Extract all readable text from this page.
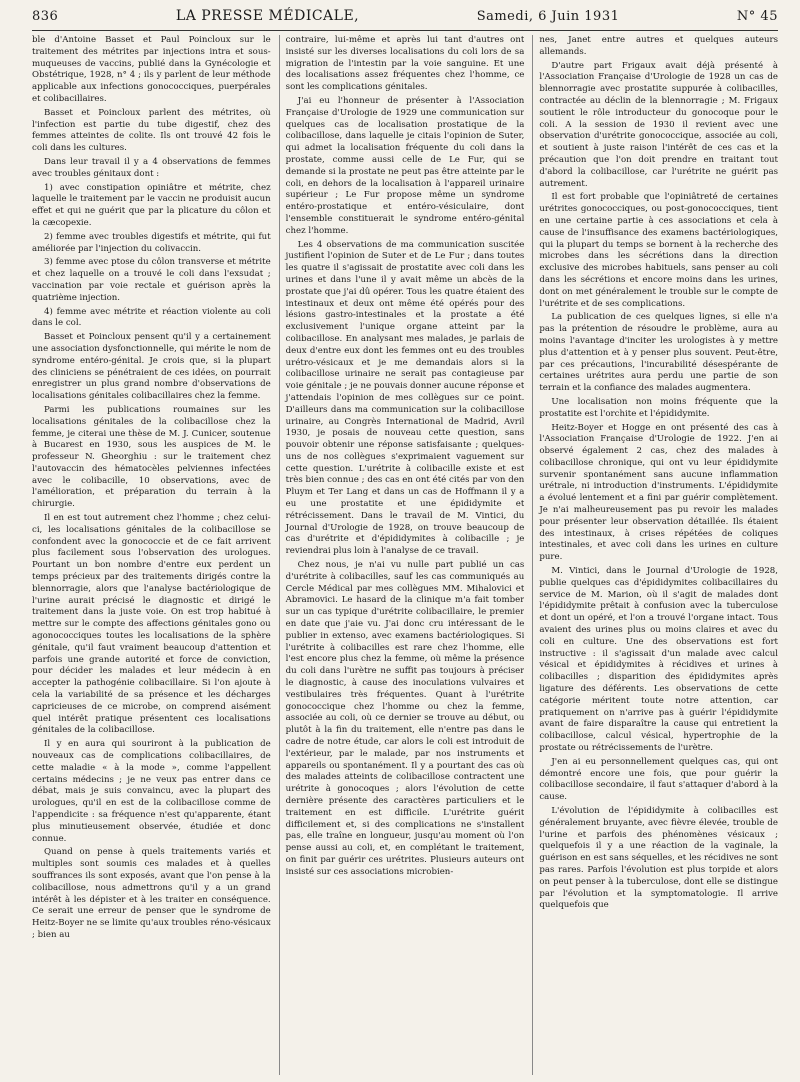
836	LA PRESSE MÉDICALE,	Samedi, 6 Juin 1931	N° 45

ble d'Antoine Basset et Paul Poincloux sur le traitement des métrites par injections intra et sous-muqueuses de vaccins, publié dans la Gynécologie et Obstétrique, 1928, n° 4 ; ils y parlent de leur méthode applicable aux infections gonococciques, puerpérales et colibacillaires.

Basset et Poincloux parlent des métrites, où l'infection est partie du tube digestif, chez des femmes atteintes de colite. Ils ont trouvé 42 fois le coli dans les cultures.

Dans leur travail il y a 4 observations de femmes avec troubles génitaux dont :

1) avec constipation opiniâtre et métrite, chez laquelle le traitement par le vaccin ne produisit aucun effet et qui ne guérit que par la plicature du côlon et la cæcopexie.

2) femme avec troubles digestifs et métrite, qui fut améliorée par l'injection du colivaccin.

3) femme avec ptose du côlon transverse et métrite et chez laquelle on a trouvé le coli dans l'exsudat ; vaccination par voie rectale et guérison après la quatrième injection.

4) femme avec métrite et réaction violente au coli dans le col.

Basset et Poincloux pensent qu'il y a certainement une association dysfonctionnelle, qui mérite le nom de syndrome entéro-génital. Je crois que, si la plupart des cliniciens se pénétraient de ces idées, on pourrait enregistrer un plus grand nombre d'observations de localisations génitales colibacillaires chez la femme.

Parmi les publications roumaines sur les localisations génitales de la colibacillose chez la femme, je citerai une thèse de M. J. Cunicer, soutenue à Bucarest en 1930, sous les auspices de M. le professeur N. Gheorghiu : sur le traitement chez l'autovaccin des hématocèles pelviennes infectées avec le colibacille, 10 observations, avec de l'amélioration, et préparation du terrain à la chirurgie.

Il en est tout autrement chez l'homme ; chez celui-ci, les localisations génitales de la colibacillose se confondent avec la gonococcie et de ce fait arrivent plus facilement sous l'observation des urologues. Pourtant un bon nombre d'entre eux perdent un temps précieux par des traitements dirigés contre la blennorragie, alors que l'analyse bactériologique de l'urine aurait précisé le diagnostic et dirigé le traitement dans la juste voie. On est trop habitué à mettre sur le compte des affections génitales gono ou agonococciques toutes les localisations de la sphère génitale, qu'il faut vraiment beaucoup d'attention et parfois une grande autorité et force de conviction, pour décider les malades et leur médecin à en accepter la pathogénie colibacillaire. Si l'on ajoute à cela la variabilité de sa présence et les décharges capricieuses de ce microbe, on comprend aisément quel intérêt pratique présentent ces localisations génitales de la colibacillose.

Il y en aura qui souriront à la publication de nouveaux cas de complications colibacillaires, de cette maladie « à la mode », comme l'appellent certains médecins ; je ne veux pas entrer dans ce débat, mais je suis convaincu, avec la plupart des urologues, qu'il en est de la colibacillose comme de l'appendicite : sa fréquence n'est qu'apparente, étant plus minutieusement observée, étudiée et donc connue.

Quand on pense à quels traitements variés et multiples sont soumis ces malades et à quelles souffrances ils sont exposés, avant que l'on pense à la colibacillose, nous admettrons qu'il y a un grand intérêt à les dépister et à les traiter en conséquence. Ce serait une erreur de penser que le syndrome de Heitz-Boyer ne se limite qu'aux troubles réno-vésicaux ; bien au

contraire, lui-même et après lui tant d'autres ont insisté sur les diverses localisations du coli lors de sa migration de l'intestin par la voie sanguine. Et une des localisations assez fréquentes chez l'homme, ce sont les complications génitales.

J'ai eu l'honneur de présenter à l'Association Française d'Urologie de 1929 une communication sur quelques cas de localisation prostatique de la colibacillose, dans laquelle je citais l'opinion de Suter, qui admet la localisation fréquente du coli dans la prostate, comme aussi celle de Le Fur, qui se demande si la prostate ne peut pas être atteinte par le coli, en dehors de la localisation à l'appareil urinaire supérieur ; Le Fur propose même un syndrome entéro-prostatique et entéro-vésiculaire, dont l'ensemble constituerait le syndrome entéro-génital chez l'homme.

Les 4 observations de ma communication suscitée justifient l'opinion de Suter et de Le Fur ; dans toutes les quatre il s'agissait de prostatite avec coli dans les urines et dans l'une il y avait même un abcès de la prostate que j'ai dû opérer. Tous les quatre étaient des intestinaux et deux ont même été opérés pour des lésions gastro-intestinales et la prostate a été exclusivement l'unique organe atteint par la colibacillose. En analysant mes malades, je parlais de deux d'entre eux dont les femmes ont eu des troubles urétro-vésicaux et je me demandais alors si la colibacillose urinaire ne serait pas contagieuse par voie génitale ; je ne pouvais donner aucune réponse et j'attendais l'opinion de mes collègues sur ce point. D'ailleurs dans ma communication sur la colibacillose urinaire, au Congrès International de Madrid, Avril 1930, je posais de nouveau cette question, sans pouvoir obtenir une réponse satisfaisante ; quelques-uns de nos collègues s'exprimaient vaguement sur cette question. L'urétrite à colibacille existe et est très bien connue ; des cas en ont été cités par von den Pluym et Ter Lang et dans un cas de Hoffmann il y a eu une prostatite et une épididymite et rétrécissement. Dans le travail de M. Vintici, du Journal d'Urologie de 1928, on trouve beaucoup de cas d'urétrite et d'épididymites à colibacille ; je reviendrai plus loin à l'analyse de ce travail.

Chez nous, je n'ai vu nulle part publié un cas d'urétrite à colibacilles, sauf les cas communiqués au Cercle Médical par mes collègues MM. Mihalovici et Abramovici. Le hasard de la clinique m'a fait tomber sur un cas typique d'urétrite colibacillaire, le premier en date que j'aie vu. J'ai donc cru intéressant de le publier in extenso, avec examens bactériologiques. Si l'urétrite à colibacilles est rare chez l'homme, elle l'est encore plus chez la femme, où même la présence du coli dans l'urètre ne suffit pas toujours à préciser le diagnostic, à cause des inoculations vulvaires et vestibulaires très fréquentes. Quant à l'urétrite gonococcique chez l'homme ou chez la femme, associée au coli, où ce dernier se trouve au début, ou plutôt à la fin du traitement, elle n'entre pas dans le cadre de notre étude, car alors le coli est introduit de l'extérieur, par le malade, par nos instruments et appareils ou spontanément. Il y a pourtant des cas où des malades atteints de colibacillose contractent une urétrite à gonocoques ; alors l'évolution de cette dernière présente des caractères particuliers et le traitement en est difficile. L'urétrite guérit difficilement et, si des complications ne s'installent pas, elle traîne en longueur, jusqu'au moment où l'on pense aussi au coli, et, en complétant le traitement, on finit par guérir ces urétrites. Plusieurs auteurs ont insisté sur ces associations microbien-

nes, Janet entre autres et quelques auteurs allemands.

D'autre part Frigaux avait déjà présenté à l'Association Française d'Urologie de 1928 un cas de blennorragie avec prostatite suppurée à colibacilles, contractée au déclin de la blennorragie ; M. Frigaux soutient le rôle introducteur du gonocoque pour le coli. A la session de 1930 il revient avec une observation d'urétrite gonococcique, associée au coli, et soutient à juste raison l'intérêt de ces cas et la précaution que l'on doit prendre en traitant tout d'abord la colibacillose, car l'urétrite ne guérit pas autrement.

Il est fort probable que l'opiniâtreté de certaines urétrites gonococciques, ou post-gonococciques, tient en une certaine partie à ces associations et cela à cause de l'insuffisance des examens bactériologiques, qui la plupart du temps se bornent à la recherche des microbes dans les sécrétions dans la direction exclusive des microbes habituels, sans penser au coli dans les sécrétions et encore moins dans les urines, dont on met généralement le trouble sur le compte de l'urétrite et de ses complications.

La publication de ces quelques lignes, si elle n'a pas la prétention de résoudre le problème, aura au moins l'avantage d'inciter les urologistes à y mettre plus d'attention et à y penser plus souvent. Peut-être, par ces précautions, l'incurabilité désespérante de certaines urétrites aura perdu une partie de son terrain et la confiance des malades augmentera.

Une localisation non moins fréquente que la prostatite est l'orchite et l'épididymite.

Heitz-Boyer et Hogge en ont présenté des cas à l'Association Française d'Urologie de 1922. J'en ai observé également 2 cas, chez des malades à colibacillose chronique, qui ont vu leur épididymite survenir spontanément sans aucune inflammation urétrale, ni introduction d'instruments. L'épididymite a évolué lentement et a fini par guérir complètement. Je n'ai malheureusement pas pu revoir les malades pour présenter leur observation détaillée. Ils étaient des intestinaux, à crises répétées de coliques intestinales, et avec coli dans les urines en culture pure.

M. Vintici, dans le Journal d'Urologie de 1928, publie quelques cas d'épididymites colibacillaires du service de M. Marion, où il s'agit de malades dont l'épididymite prêtait à confusion avec la tuberculose et dont un opéré, et l'on a trouvé l'organe intact. Tous avaient des urines plus ou moins claires et avec du coli en culture. Une des observations est fort instructive : il s'agissait d'un malade avec calcul vésical et épididymites à récidives et urines à colibacilles ; disparition des épididymites après ligature des déférents. Les observations de cette catégorie méritent toute notre attention, car pratiquement on n'arrive pas à guérir l'épididymite avant de faire disparaître la cause qui entretient la colibacillose, calcul vésical, hypertrophie de la prostate ou rétrécissements de l'urètre.

J'en ai eu personnellement quelques cas, qui ont démontré encore une fois, que pour guérir la colibacillose secondaire, il faut s'attaquer d'abord à la cause.

L'évolution de l'épididymite à colibacilles est généralement bruyante, avec fièvre élevée, trouble de l'urine et parfois des phénomènes vésicaux ; quelquefois il y a une réaction de la vaginale, la guérison en est sans séquelles, et les récidives ne sont pas rares. Parfois l'évolution est plus torpide et alors on peut penser à la tuberculose, dont elle se distingue par l'évolution et la symptomatologie. Il arrive quelquefois que
